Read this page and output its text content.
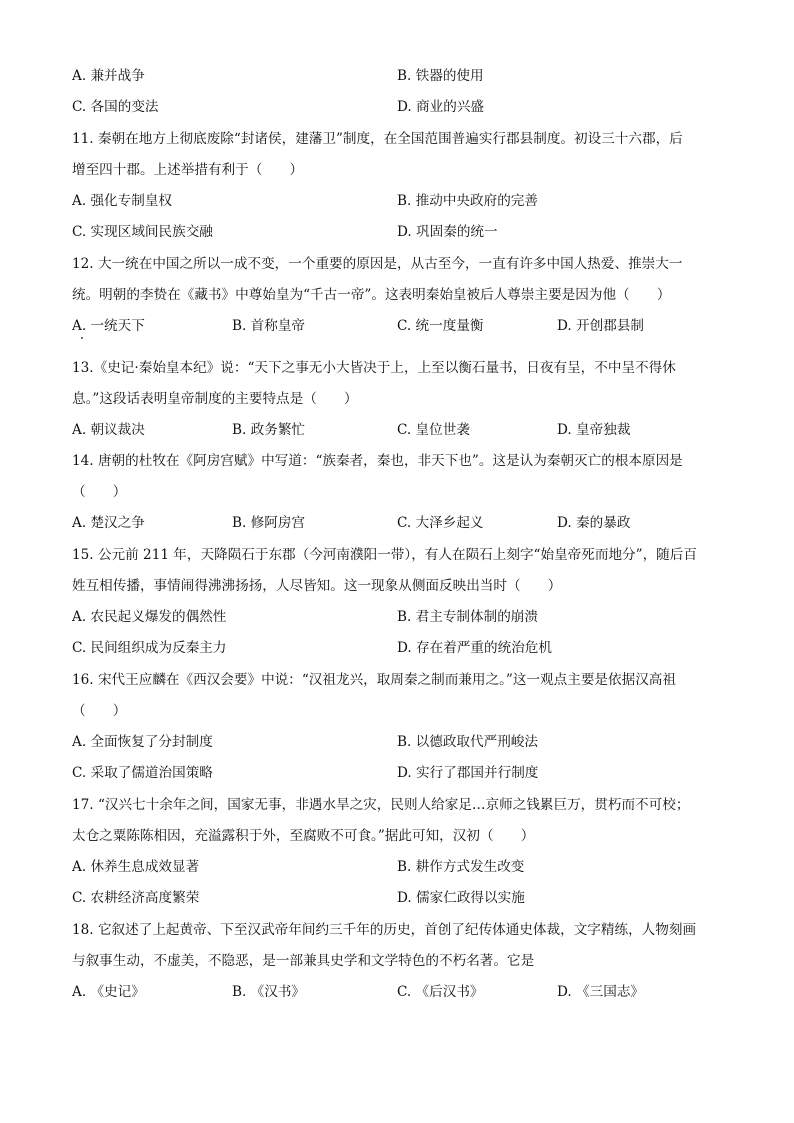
A. 兼并战争	B. 铁器的使用
C. 各国的变法	D. 商业的兴盛
11. 秦朝在地方上彻底废除“封诸侯，建藩卫”制度，在全国范围普遍实行郡县制度。初设三十六郡，后
增至四十郡。上述举措有利于（　　）
A. 强化专制皇权	B. 推动中央政府的完善
C. 实现区域间民族交融	D. 巩固秦的统一
12. 大一统在中国之所以一成不变，一个重要的原因是，从古至今，一直有许多中国人热爱、推崇大一
统。明朝的李贽在《藏书》中尊始皇为“千古一帝”。这表明秦始皇被后人尊崇主要是因为他（　　）
A. 一统天下	B. 首称皇帝	C. 统一度量衡	D. 开创郡县制
13.《史记·秦始皇本纪》说：“天下之事无小大皆决于上，上至以衡石量书，日夜有呈，不中呈不得休
息。”这段话表明皇帝制度的主要特点是（　　）
A. 朝议裁决	B. 政务繁忙	C. 皇位世袭	D. 皇帝独裁
14. 唐朝的杜牧在《阿房宫赋》中写道：“族秦者，秦也，非天下也”。这是认为秦朝灭亡的根本原因是
（　　）
A. 楚汉之争	B. 修阿房宫	C. 大泽乡起义	D. 秦的暴政
15. 公元前 211 年，天降陨石于东郡（今河南濮阳一带），有人在陨石上刻字“始皇帝死而地分”，随后百
姓互相传播，事情闹得沸沸扬扬，人尽皆知。这一现象从侧面反映出当时（　　）
A. 农民起义爆发的偶然性	B. 君主专制体制的崩溃
C. 民间组织成为反秦主力	D. 存在着严重的统治危机
16. 宋代王应麟在《西汉会要》中说：“汉祖龙兴，取周秦之制而兼用之。”这一观点主要是依据汉高祖
（　　）
A. 全面恢复了分封制度	B. 以德政取代严刑峻法
C. 采取了儒道治国策略	D. 实行了郡国并行制度
17. “汉兴七十余年之间，国家无事，非遇水旱之灾，民则人给家足…京师之钱累巨万，贯朽而不可校；
太仓之粟陈陈相因，充溢露积于外，至腐败不可食。”据此可知，汉初（　　）
A. 休养生息成效显著	B. 耕作方式发生改变
C. 农耕经济高度繁荣	D. 儒家仁政得以实施
18. 它叙述了上起黄帝、下至汉武帝年间约三千年的历史，首创了纪传体通史体裁，文字精练，人物刻画
与叙事生动，不虚美，不隐恶，是一部兼具史学和文学特色的不朽名著。它是
A. 《史记》	B. 《汉书》	C. 《后汉书》	D. 《三国志》
